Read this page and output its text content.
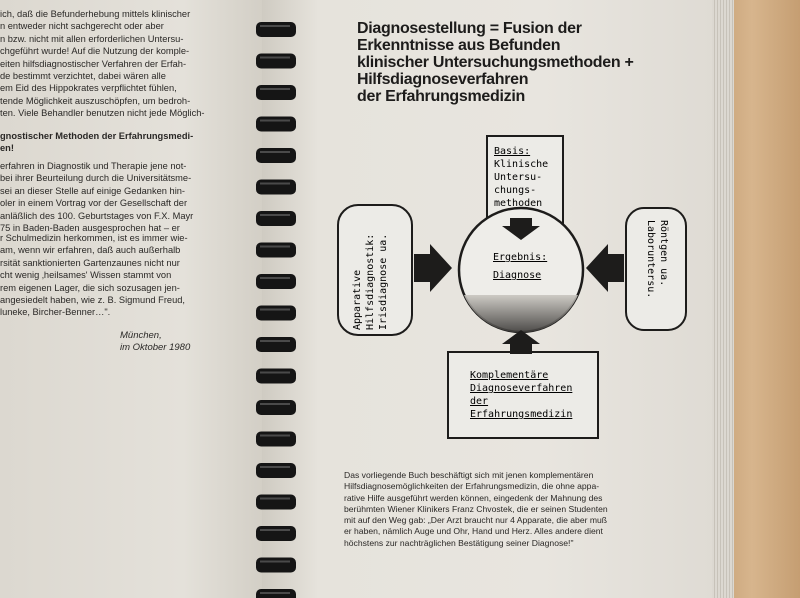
ich, daß die Befunderhebung mittels klinischer
n entweder nicht sachgerecht oder aber
n bzw. nicht mit allen erforderlichen Untersu-
chgeführt wurde! Auf die Nutzung der komple-
eiten hilfsdiagnostischer Verfahren der Erfah-
de bestimmt verzichtet, dabei wären alle
em Eid des Hippokrates verpflichtet fühlen,
tende Möglichkeit auszuschöpfen, um bedroh-
ten. Viele Behandler benutzen nicht jede Möglich-
gnostischer Methoden der Erfahrungsmedi-
en!
erfahren in Diagnostik und Therapie jene not-
bei ihrer Beurteilung durch die Universitätsme-
sei an dieser Stelle auf einige Gedanken hin-
oler in einem Vortrag vor der Gesellschaft der
anläßlich des 100. Geburtstages von F.X. Mayr
75 in Baden-Baden ausgesprochen hat – er
r Schulmedizin herkommen, ist es immer wie-
am, wenn wir erfahren, daß auch außerhalb
rsität sanktionierten Gartenzaunes nicht nur
cht wenig ‚heilsames' Wissen stammt von
rem eigenen Lager, die sich sozusagen jen-
angesiedelt haben, wie z. B. Sigmund Freud,
luneke, Bircher-Benner…".
München,
im Oktober 1980
Diagnosestellung = Fusion der
Erkenntnisse aus Befunden
klinischer Untersuchungsmethoden +
Hilfsdiagnoseverfahren
der Erfahrungsmedizin
Basis:
Klinische
Untersu-
chungs-
methoden
Ergebnis:
Diagnose
Apparative Hilfsdiagnostik: Irisdiagnose ua.	Laboruntersu. Röntgen ua.
Komplementäre
Diagnoseverfahren
der
Erfahrungsmedizin
Das vorliegende Buch beschäftigt sich mit jenen komplementären
Hilfsdiagnosemöglichkeiten der Erfahrungsmedizin, die ohne appa-
rative Hilfe ausgeführt werden können, eingedenk der Mahnung des
berühmten Wiener Klinikers Franz Chvostek, die er seinen Studenten
mit auf den Weg gab: „Der Arzt braucht nur 4 Apparate, die aber muß
er haben, nämlich Auge und Ohr, Hand und Herz. Alles andere dient
höchstens zur nachträglichen Bestätigung seiner Diagnose!"
